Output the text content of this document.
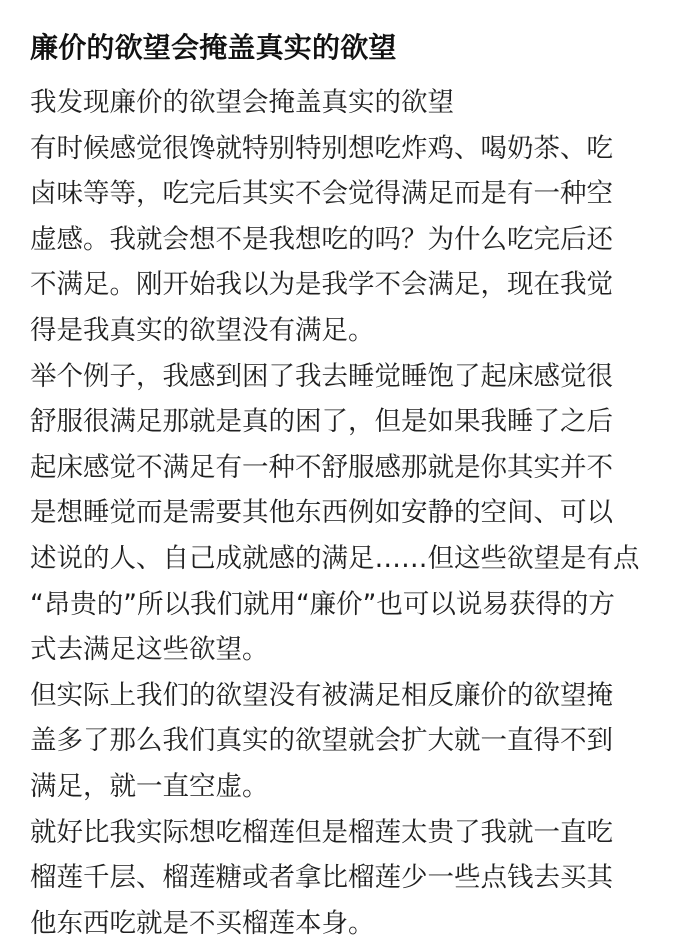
廉价的欲望会掩盖真实的欲望
我发现廉价的欲望会掩盖真实的欲望
有时候感觉很馋就特别特别想吃炸鸡、喝奶茶、吃
卤味等等，吃完后其实不会觉得满足而是有一种空
虚感。我就会想不是我想吃的吗？为什么吃完后还
不满足。刚开始我以为是我学不会满足，现在我觉
得是我真实的欲望没有满足。
举个例子，我感到困了我去睡觉睡饱了起床感觉很
舒服很满足那就是真的困了，但是如果我睡了之后
起床感觉不满足有一种不舒服感那就是你其实并不
是想睡觉而是需要其他东西例如安静的空间、可以
述说的人、自己成就感的满足……但这些欲望是有点
“昂贵的”所以我们就用“廉价”也可以说易获得的方
式去满足这些欲望。
但实际上我们的欲望没有被满足相反廉价的欲望掩
盖多了那么我们真实的欲望就会扩大就一直得不到
满足，就一直空虚。
就好比我实际想吃榴莲但是榴莲太贵了我就一直吃
榴莲千层、榴莲糖或者拿比榴莲少一些点钱去买其
他东西吃就是不买榴莲本身。
